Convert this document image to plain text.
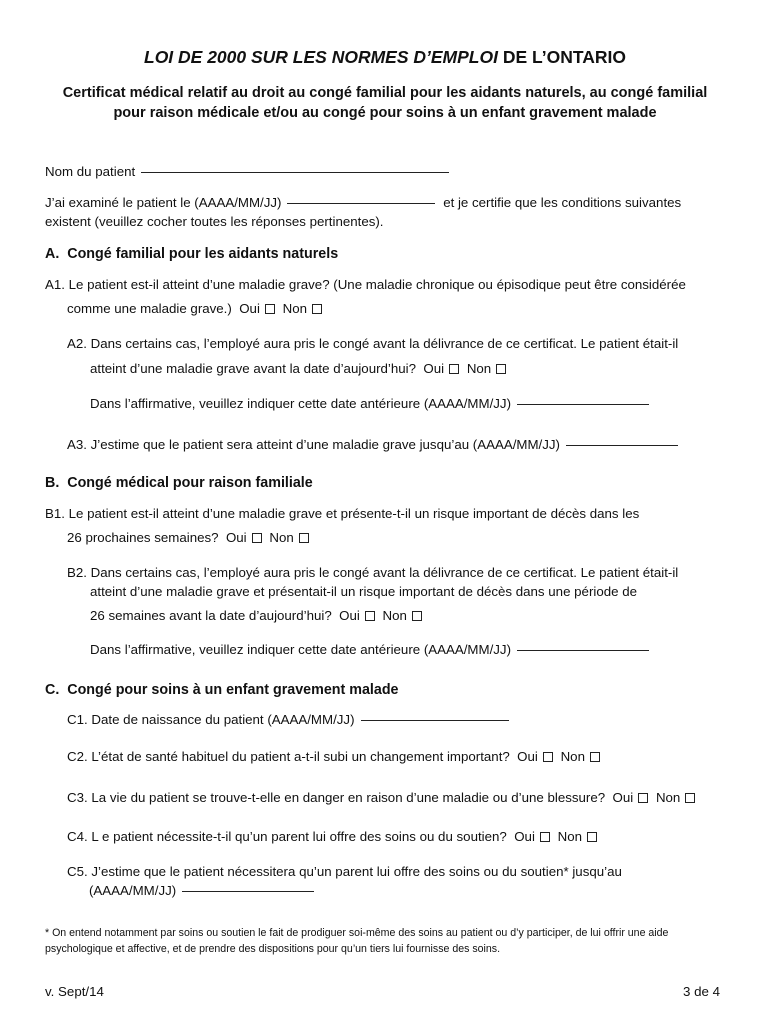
LOI DE 2000 SUR LES NORMES D’EMPLOI DE L’ONTARIO
Certificat médical relatif au droit au congé familial pour les aidants naturels, au congé familial
pour raison médicale et/ou au congé pour soins à un enfant gravement malade
Nom du patient
J’ai examiné le patient le (AAAA/MM/JJ)	et je certifie que les conditions suivantes
existent (veuillez cocher toutes les réponses pertinentes).
A.  Congé familial pour les aidants naturels
A1. Le patient est-il atteint d’une maladie grave? (Une maladie chronique ou épisodique peut être considérée
comme une maladie grave.) Oui Non
A2. Dans certains cas, l’employé aura pris le congé avant la délivrance de ce certificat. Le patient était-il
atteint d’une maladie grave avant la date d’aujourd’hui? Oui Non
Dans l’affirmative, veuillez indiquer cette date antérieure (AAAA/MM/JJ)
A3. J’estime que le patient sera atteint d’une maladie grave jusqu’au (AAAA/MM/JJ)
B.  Congé médical pour raison familiale
B1. Le patient est-il atteint d’une maladie grave et présente-t-il un risque important de décès dans les
26 prochaines semaines? Oui Non
B2. Dans certains cas, l’employé aura pris le congé avant la délivrance de ce certificat. Le patient était-il
atteint d’une maladie grave et présentait-il un risque important de décès dans une période de
26 semaines avant la date d’aujourd’hui? Oui Non
Dans l’affirmative, veuillez indiquer cette date antérieure (AAAA/MM/JJ)
C.  Congé pour soins à un enfant gravement malade
C1. Date de naissance du patient (AAAA/MM/JJ)
C2. L’état de santé habituel du patient a-t-il subi un changement important? Oui Non
C3. La vie du patient se trouve-t-elle en danger en raison d’une maladie ou d’une blessure? Oui Non
C4. L e patient nécessite-t-il qu’un parent lui offre des soins ou du soutien? Oui Non
C5. J’estime que le patient nécessitera qu’un parent lui offre des soins ou du soutien* jusqu’au
(AAAA/MM/JJ)
* On entend notamment par soins ou soutien le fait de prodiguer soi-même des soins au patient ou d’y participer, de lui offrir une aide
psychologique et affective, et de prendre des dispositions pour qu’un tiers lui fournisse des soins.
v. Sept/14	3 de 4
